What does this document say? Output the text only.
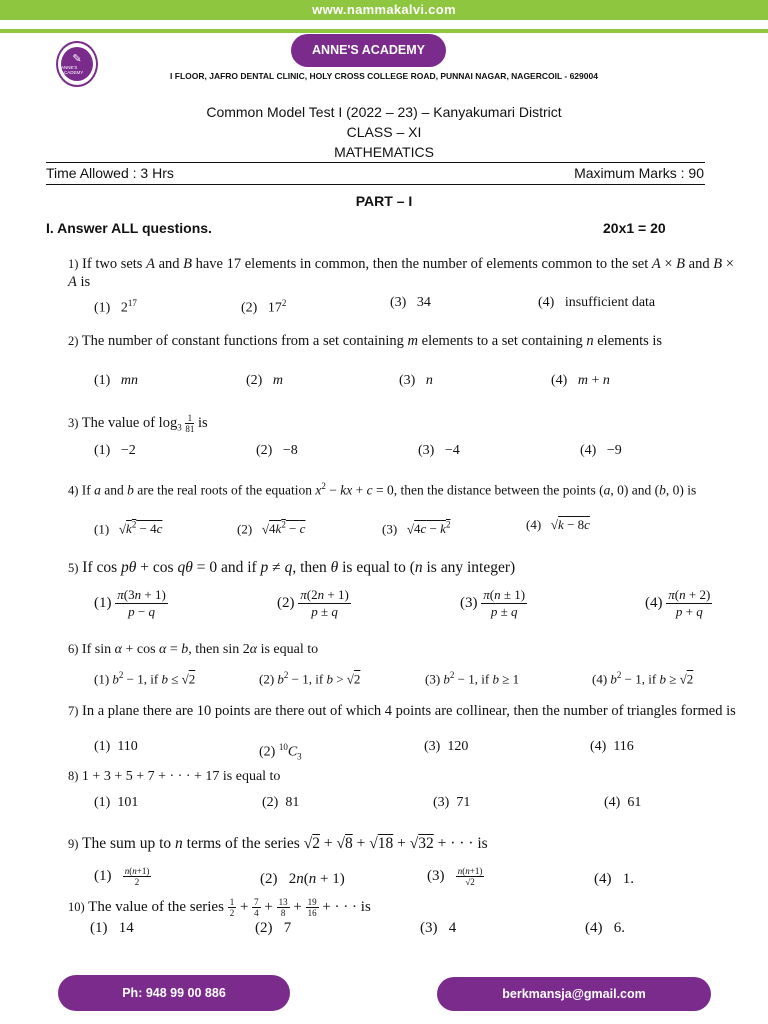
www.nammakalvi.com
✎
ANNE'S ACADEMY
ANNE'S ACADEMY
I FLOOR, JAFRO DENTAL CLINIC, HOLY CROSS COLLEGE ROAD, PUNNAI NAGAR, NAGERCOIL - 629004
Common Model Test I (2022 – 23) – Kanyakumari District
CLASS – XI
MATHEMATICS
Time Allowed : 3 Hrs	Maximum Marks : 90
PART – I
I. Answer ALL questions.	20x1 = 20
1) If two sets A and B have 17 elements in common, then the number of elements common to the set A × B and B × A is
(1)   $2^{17}$	(2)   $17^2$	(3)   34	(4)   insufficient data
2) The number of constant functions from a set containing m elements to a set containing n elements is
(1)   mn	(2)   m	(3)   n	(4)   m + n
3) The value of $\log_3 \frac{1}{81}$ is
(1)   −2	(2)   −8	(3)   −4	(4)   −9
4) If a and b are the real roots of the equation $x^2$ − kx + c = 0, then the distance between the points (a, 0) and (b, 0) is
(1)   $√k^2 - 4c$	(2)   $√4k^2 - c$	(3)   $√4c - k^2$	(4)   √k − 8c
5) If cos pθ + cos qθ = 0 and if p ≠ q, then θ is equal to (n is any integer)
$(1) \frac{\pi(3n + 1)}{p - q}$	$(2) \frac{\pi(2n + 1)}{p \pm q}$	$(3) \frac{\pi(n \pm 1)}{p \pm q}$	$(4) \frac{\pi(n + 2)}{p + q}$
6) If sin α + cos α = b, then sin 2α is equal to
(1) $b^2 - 1$, if b ≤ √2	(2) $b^2 - 1$, if b > √2	(3) $b^2 - 1$, if b ≥ 1	(4) $b^2 - 1$, if b ≥ √2
7) In a plane there are 10 points are there out of which 4 points are collinear, then the number of triangles formed is
(1)  110	(2) $^{10}C_3$
(3)  120	(4)  116
8) 1 + 3 + 5 + 7 + · · · + 17 is equal to
(1)  101	(2)  81	(3)  71	(4)  61
9) The sum up to n terms of the series √2 + √8 + √18 + √32 + · · · is
$(1) \frac{n(n+1)}{2}$	(2)   2n(n + 1)	$(3) \frac{n(n+1)}{√2}$	(4)   1.
10) The value of the series $\frac{1}{2} + \frac{7}{4} + \frac{13}{8} + \frac{19}{16}$ + · · · is
(1)   14	(2)   7	(3)   4	(4)   6.
Ph: 948 99 00 886	berkmansja@gmail.com
